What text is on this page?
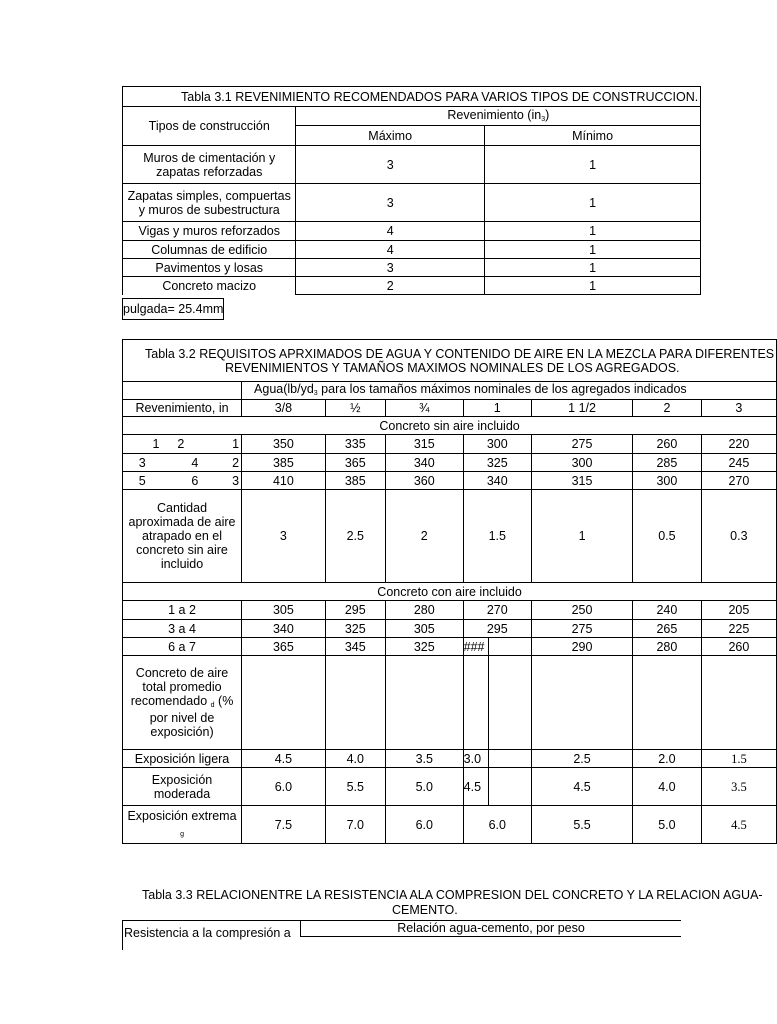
Tabla 3.1 REVENIMIENTO RECOMENDADOS PARA VARIOS TIPOS DE CONSTRUCCION.		
Tipos de construcción	Revenimiento $(in_3)$	
	Máximo	Mínimo
Muros de cimentación y zapatas reforzadas	3	1
Zapatas simples, compuertas y muros de subestructura	3	1
Vigas y muros reforzados	4	1
Columnas de edificio	4	1
Pavimentos y losas	3	1
Concreto macizo	2	1
pulgada= 25.4mm
Tabla 3.2 REQUISITOS APRXIMADOS DE AGUA Y CONTENIDO DE AIRE EN LA MEZCLA PARA DIFERENTES
REVENIMIENTOS Y TAMAÑOS MAXIMOS NOMINALES DE LOS AGREGADOS.										

			$Agua(lb/yd_3$ para los tamaños máximos nominales de los agregados indicados							
Revenimiento, in			3/8	½	¾	1		1 1/2	2	3
Concreto sin aire incluido										
1	2	1	350	335	315	300		275	260	220
3	4	2	385	365	340	325		300	285	245
5	6	3	410	385	360	340		315	300	270
Cantidad aproximada de aire atrapado en el concreto sin aire incluido			3	2.5	2	1.5		1	0.5	0.3
Concreto con aire incluido										
1 a 2			305	295	280	270		250	240	205
3 a 4			340	325	305	295		275	265	225
6 a 7			365	345	325	###		290	280	260
Concreto de aire total promedio recomendado $_d$ (% por nivel de exposición)										
Exposición ligera			4.5	4.0	3.5	3.0		2.5	2.0	1.5
Exposición moderada			6.0	5.5	5.0	4.5		4.5	4.0	3.5
Exposición extrema $_g$			7.5	7.0	6.0	6.0		5.5	5.0	4.5
Tabla 3.3 RELACIONENTRE LA RESISTENCIA ALA COMPRESION DEL CONCRETO Y LA RELACION AGUA-
CEMENTO.
Resistencia a la compresión a	Relación agua-cemento, por peso
